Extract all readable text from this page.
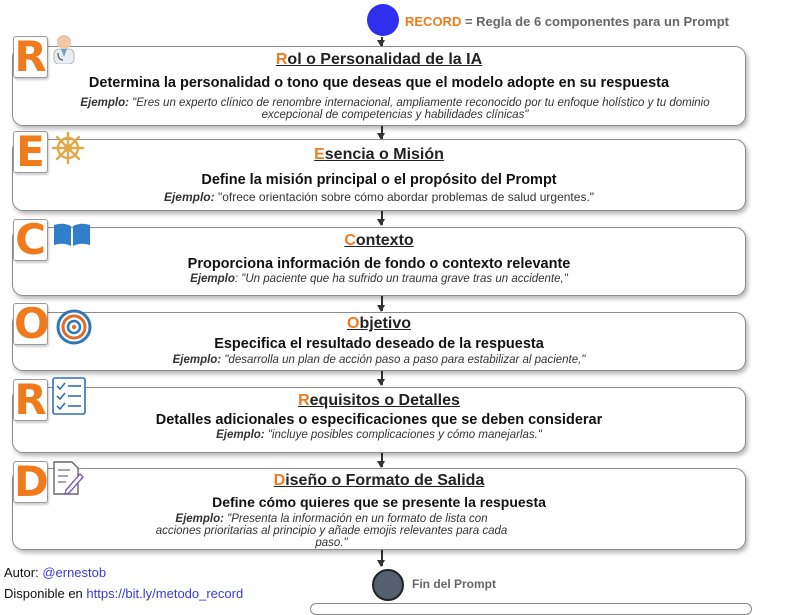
RECORD = Regla de 6 componentes para un Prompt
Rol o Personalidad de la IA
Determina la personalidad o tono que deseas que el modelo adopte en su respuesta
Ejemplo: "Eres un experto clínico de renombre internacional, ampliamente reconocido por tu enfoque holístico y tu dominio excepcional de competencias y habilidades clínicas"
Esencia o Misión
Define la misión principal o el propósito del Prompt
Ejemplo: "ofrece orientación sobre cómo abordar problemas de salud urgentes."
Contexto
Proporciona información de fondo o contexto relevante
Ejemplo: "Un paciente que ha sufrido un trauma grave tras un accidente,"
Objetivo
Especifica el resultado deseado de la respuesta
Ejemplo: "desarrolla un plan de acción paso a paso para estabilizar al paciente,"
Requisitos o Detalles
Detalles adicionales o especificaciones que se deben considerar
Ejemplo: "incluye posibles complicaciones y cómo manejarlas."
Diseño o Formato de Salida
Define cómo quieres que se presente la respuesta
Ejemplo: "Presenta la información en un formato de lista con acciones prioritarias al principio y añade emojis relevantes para cada paso."
R
E
C
O
R
D
Autor: @ernestob
Disponible en https://bit.ly/metodo_record
Fin del Prompt
